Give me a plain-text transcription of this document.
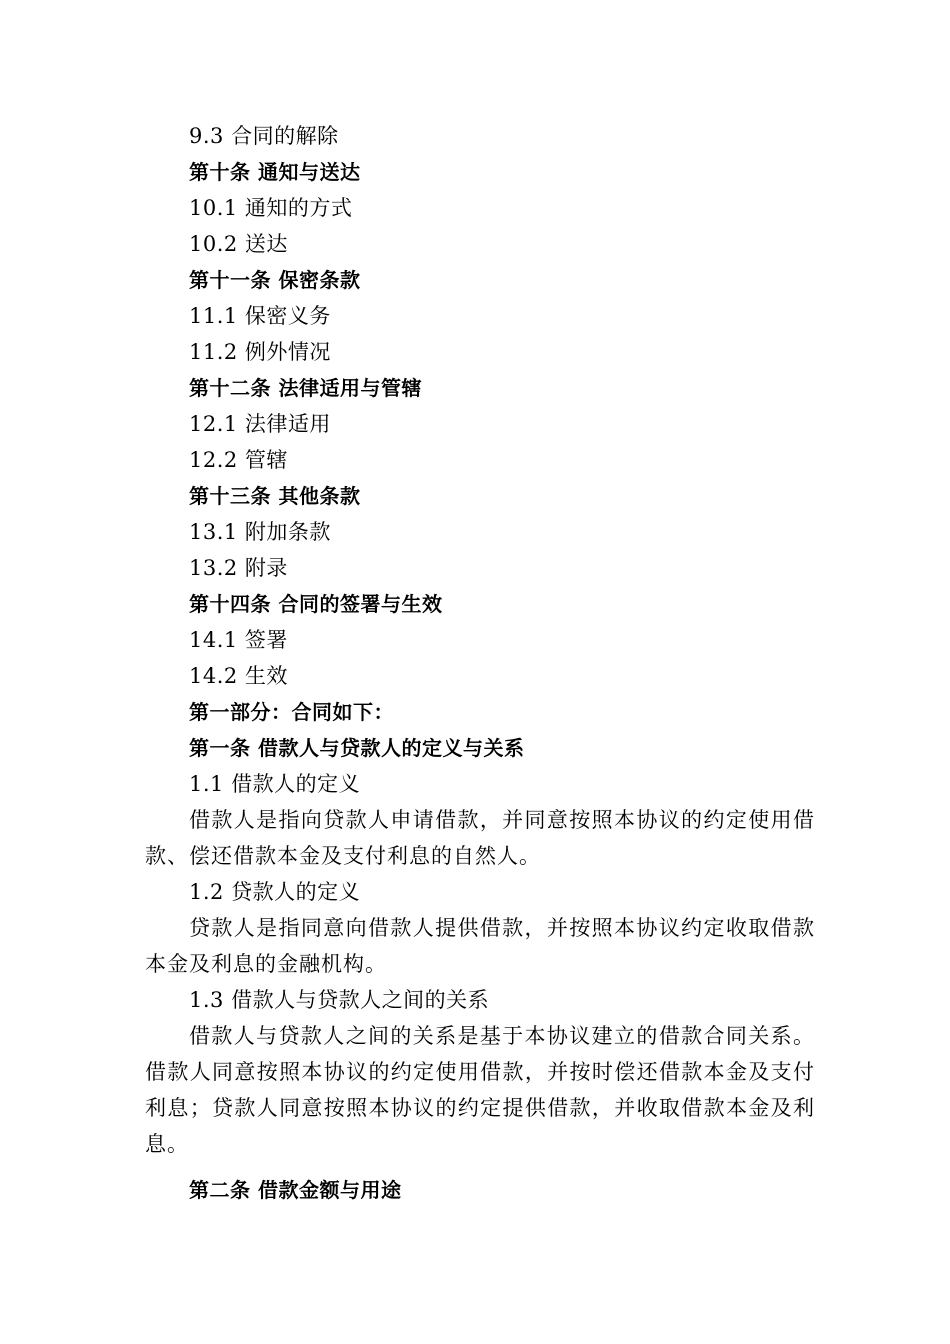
9.3 合同的解除
第十条 通知与送达
10.1 通知的方式
10.2 送达
第十一条 保密条款
11.1 保密义务
11.2 例外情况
第十二条 法律适用与管辖
12.1 法律适用
12.2 管辖
第十三条 其他条款
13.1 附加条款
13.2 附录
第十四条 合同的签署与生效
14.1 签署
14.2 生效
第一部分：合同如下：
第一条 借款人与贷款人的定义与关系
1.1 借款人的定义

借款人是指向贷款人申请借款，并同意按照本协议的约定使用借款、偿还借款本金及支付利息的自然人。

1.2 贷款人的定义

贷款人是指同意向借款人提供借款，并按照本协议约定收取借款本金及利息的金融机构。

1.3 借款人与贷款人之间的关系

借款人与贷款人之间的关系是基于本协议建立的借款合同关系。借款人同意按照本协议的约定使用借款，并按时偿还借款本金及支付利息；贷款人同意按照本协议的约定提供借款，并收取借款本金及利息。

第二条 借款金额与用途
